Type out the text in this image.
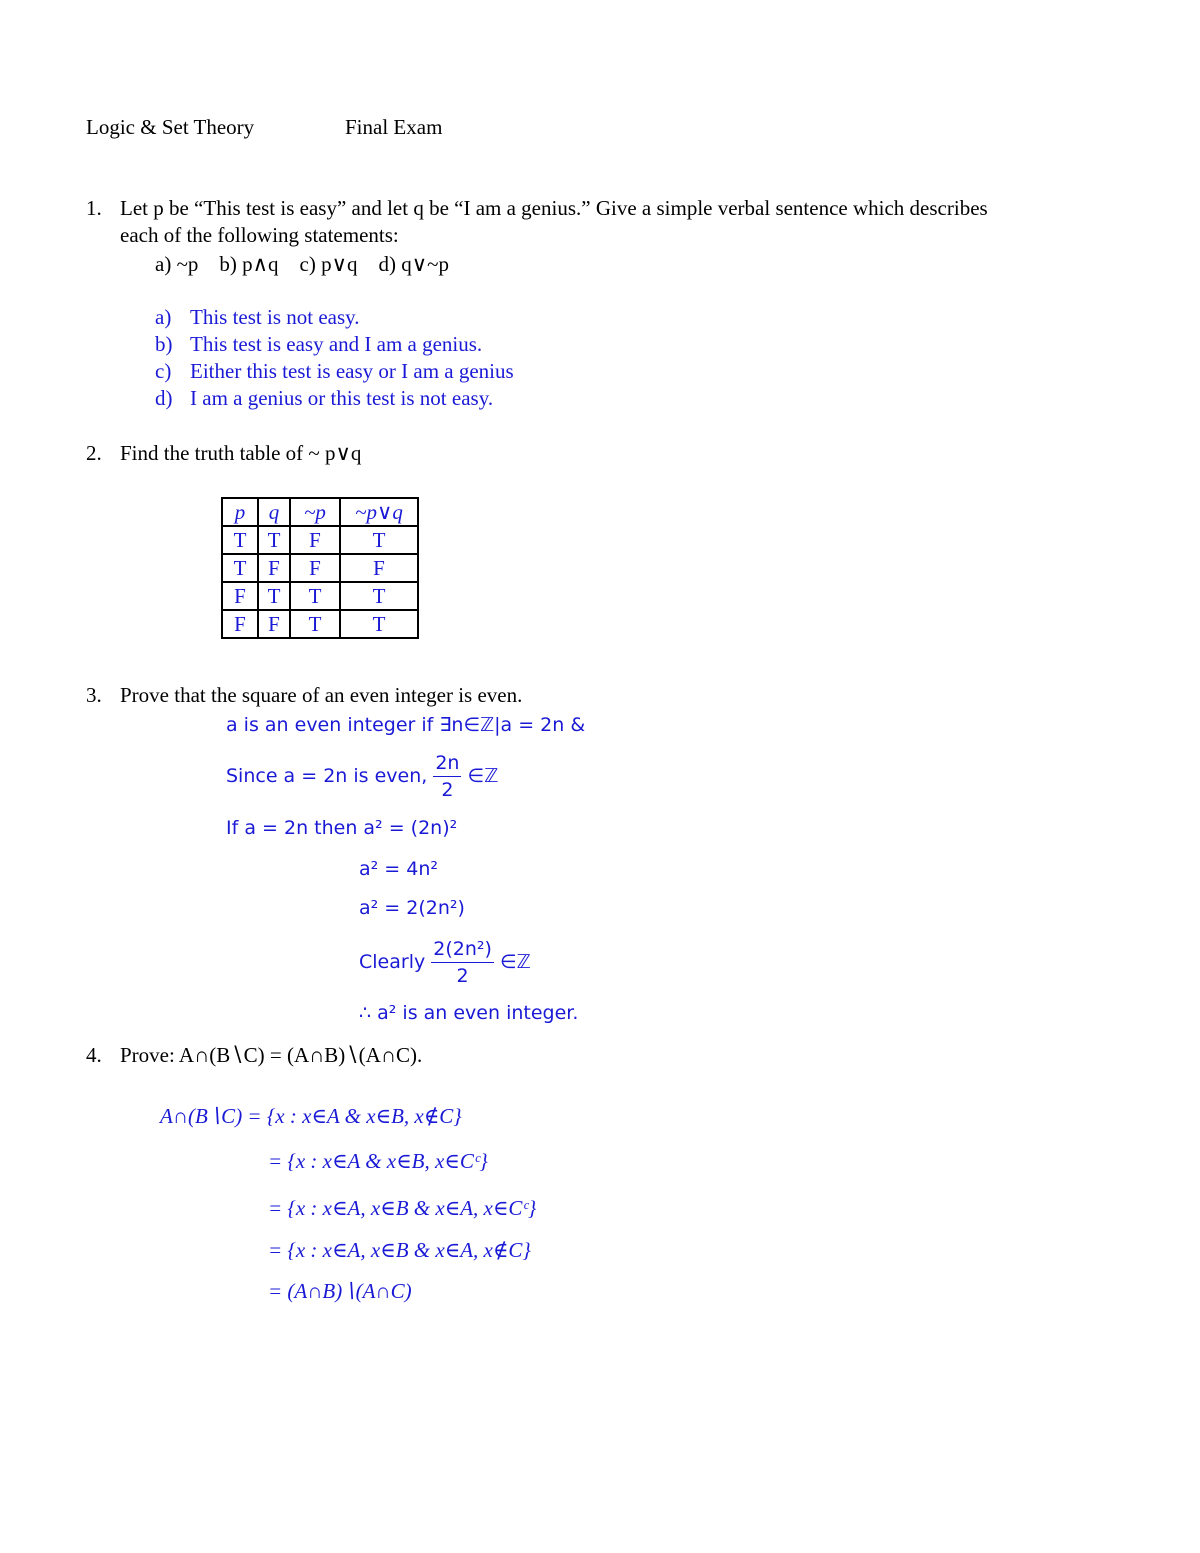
Logic & Set Theory	Final Exam
1. Let p be “This test is easy” and let q be “I am a genius.” Give a simple verbal sentence which describes
each of the following statements:
a) ~p    b) p∧q    c) p∨q    d) q∨~p
a) This test is not easy.
b) This test is easy and I am a genius.
c) Either this test is easy or I am a genius
d) I am a genius or this test is not easy.
2. Find the truth table of ~ p∨q
p	q	~p	~p∨q
T	T	F	T
T	F	F	F
F	T	T	T
F	F	T	T
3. Prove that the square of an even integer is even.
a is an even integer if ∃n∈ℤ|a = 2n &
Since a = 2n is even, $\frac{2n}{2}$ ∈ℤ
If a = 2n then a² = (2n)²
a² = 4n²
a² = 2(2n²)
Clearly $\frac{\text{2(2n²)}}{2}$ ∈ℤ
∴ a² is an even integer.
4. Prove: A∩(B∖C) = (A∩B)∖(A∩C).
A∩(B∖C) = {x : x∈A & x∈B, x∉C}
= {x : x∈A & x∈B, x∈Cᶜ}
= {x : x∈A, x∈B & x∈A, x∈Cᶜ}
= {x : x∈A, x∈B & x∈A, x∉C}
= (A∩B)∖(A∩C)
